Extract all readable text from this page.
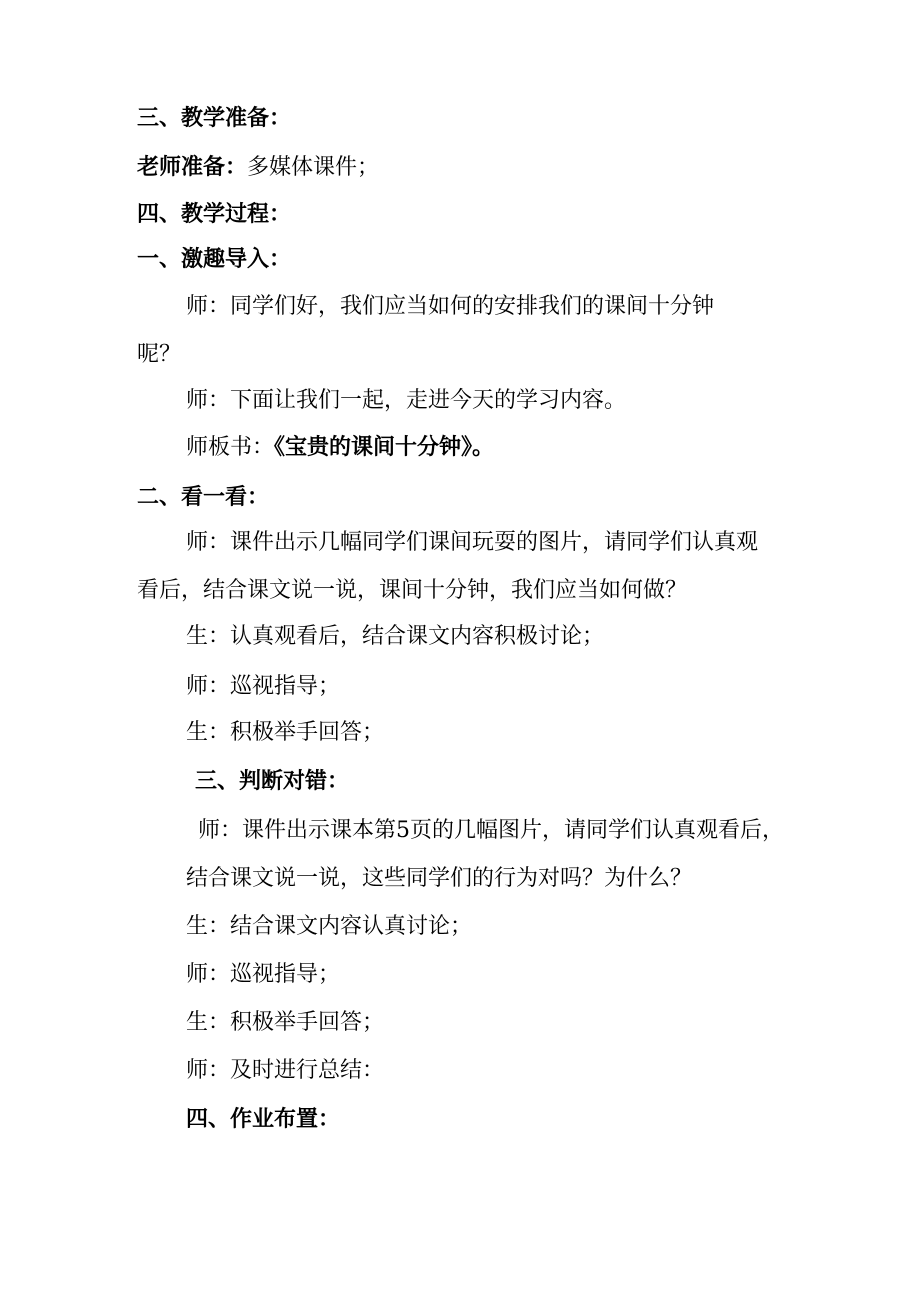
三、教学准备：
老师准备：多媒体课件；
四、教学过程：
一、激趣导入：
师：同学们好，我们应当如何的安排我们的课间十分钟
呢？
师：下面让我们一起，走进今天的学习内容。
师板书：《宝贵的课间十分钟》。
二、看一看：
师：课件出示几幅同学们课间玩耍的图片，请同学们认真观
看后，结合课文说一说，课间十分钟，我们应当如何做？
生：认真观看后，结合课文内容积极讨论；
师：巡视指导；
生：积极举手回答；
三、判断对错：
师：课件出示课本第5页的几幅图片，请同学们认真观看后，
结合课文说一说，这些同学们的行为对吗？为什么？
生：结合课文内容认真讨论；
师：巡视指导；
生：积极举手回答；
师：及时进行总结：
四、作业布置：
